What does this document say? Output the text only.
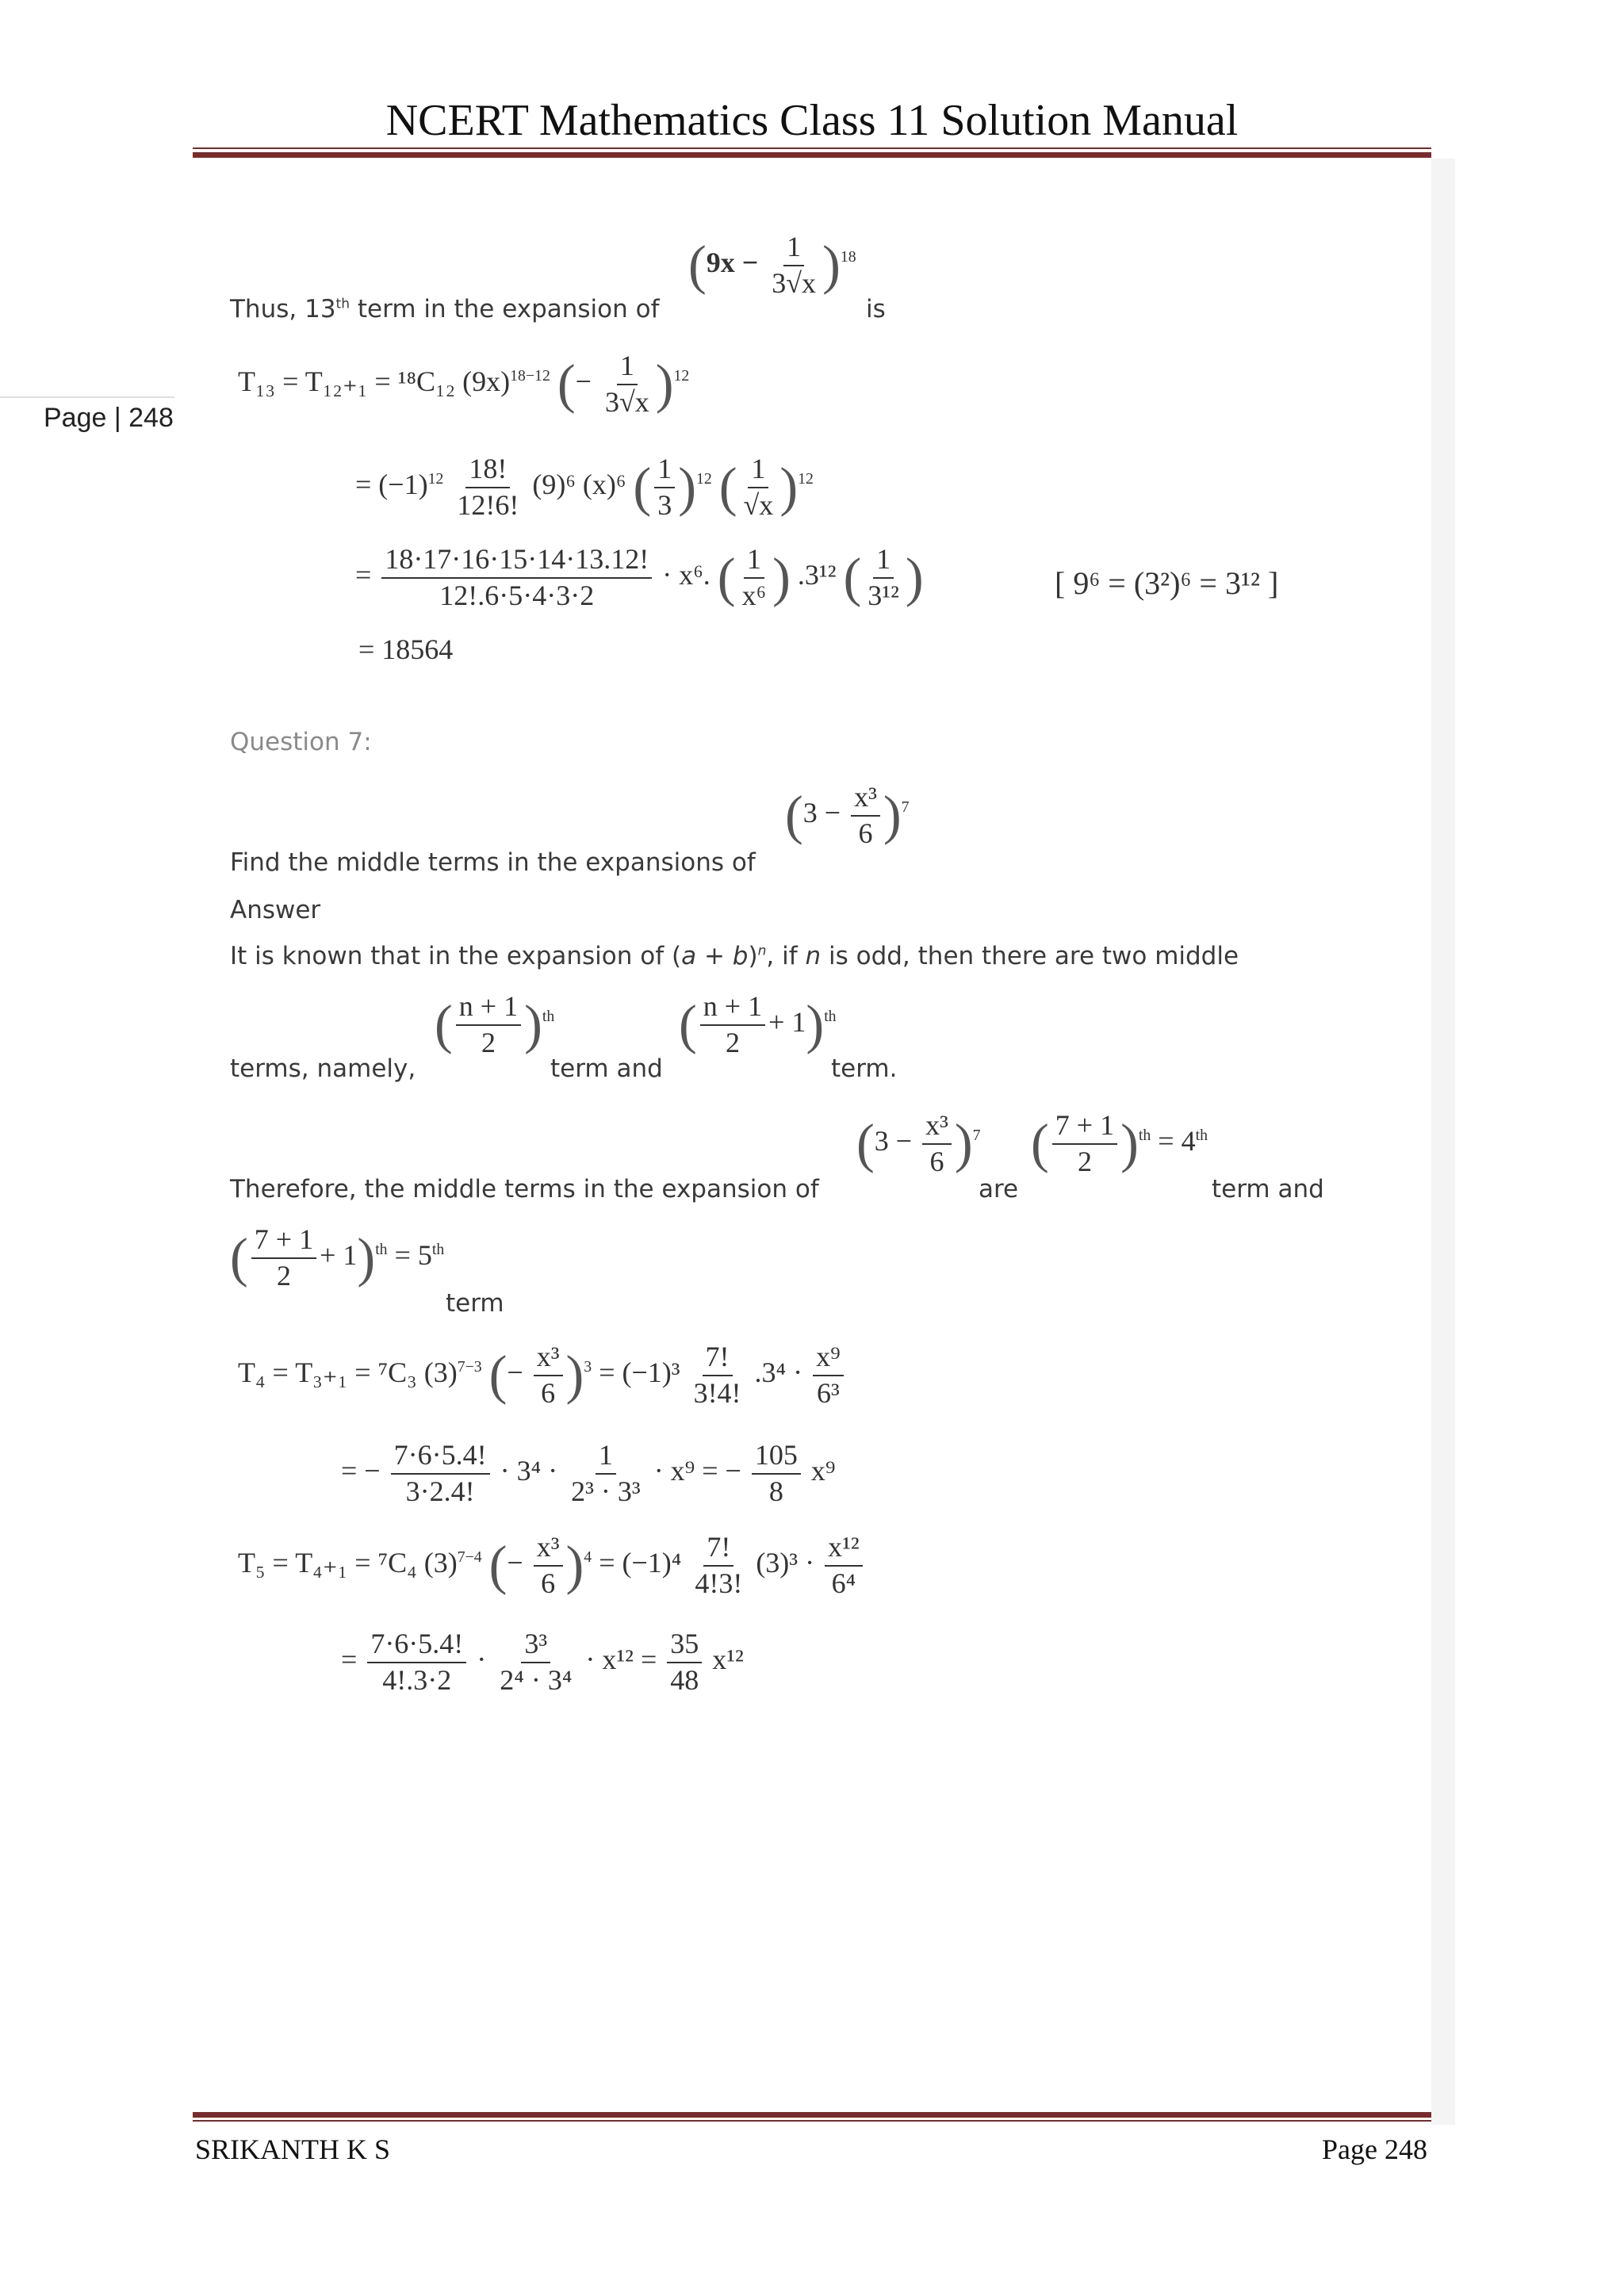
NCERT Mathematics Class 11 Solution Manual
Page | 248
Thus, 13th term in the expansion of
$(9x - \frac{1}{3√x} )^{18}$
is
T₁₃ = T₁₂₊₁ = ¹⁸C₁₂ $(9x)^{18-12}$ (− $\frac{1}{3√x} )^{12}$
= $(-1)^{12} \frac{18!}{12!6!} (9)^6$ (x)⁶ ( $\frac{1}{3} )^{12}$ ( $\frac{1}{√x} )^{12}$
= $\frac{18\cdot 17\cdot 16\cdot 15\cdot 14\cdot 13.12!}{12!.6\cdot 5\cdot 4\cdot 3\cdot 2} \cdot x^6$. ( $\frac{1}{\text{x⁶}}$ ) .3¹² ( $\frac{1}{\text{3¹²}}$ )	[ 9⁶ = (3²)⁶ = 3¹² ]
= 18564
Question 7:
Find the middle terms in the expansions of
$(3 - \frac{\text{x³}}{6} )^7$
Answer
It is known that in the expansion of $(a + b)^n$, if n is odd, then there are two middle
terms, namely,
( $\frac{n + 1}{2} )^{th}$
term and
( $\frac{n + 1}{2} + 1)^{th}$
term.
Therefore, the middle terms in the expansion of
$(3 - \frac{\text{x³}}{6} )^7$
are
( $\frac{7 + 1}{2} )^{th} = 4th$
term and
( $\frac{7 + 1}{2} + 1)^{th} = 5th$
term
T₄ = T₃₊₁ = ⁷C₃ $(3)^{7-3}$ (− $\frac{\text{x³}}{6} )^3 = (-1)^3 \frac{7!}{3!4!} .3^4 \cdot \frac{\text{x⁹}}{\text{6³}}$
= − $\frac{7\cdot 6\cdot 5.4!}{3\cdot 2.4!} \cdot 3^4 \cdot \frac{1}{\text{2³ · 3³}} \cdot x^9$ = − $\frac{105}{8} x^9$
T₅ = T₄₊₁ = ⁷C₄ $(3)^{7-4}$ (− $\frac{\text{x³}}{6} )^4 = (-1)^4 \frac{7!}{4!3!} (3)^3 \cdot \frac{\text{x¹²}}{\text{6⁴}}$
= $\frac{7\cdot 6\cdot 5.4!}{4!.3\cdot 2} \cdot \frac{\text{3³}}{\text{2⁴ · 3⁴}} \cdot x^{12} = \frac{35}{48} x^{12}$
SRIKANTH K S	Page 248
